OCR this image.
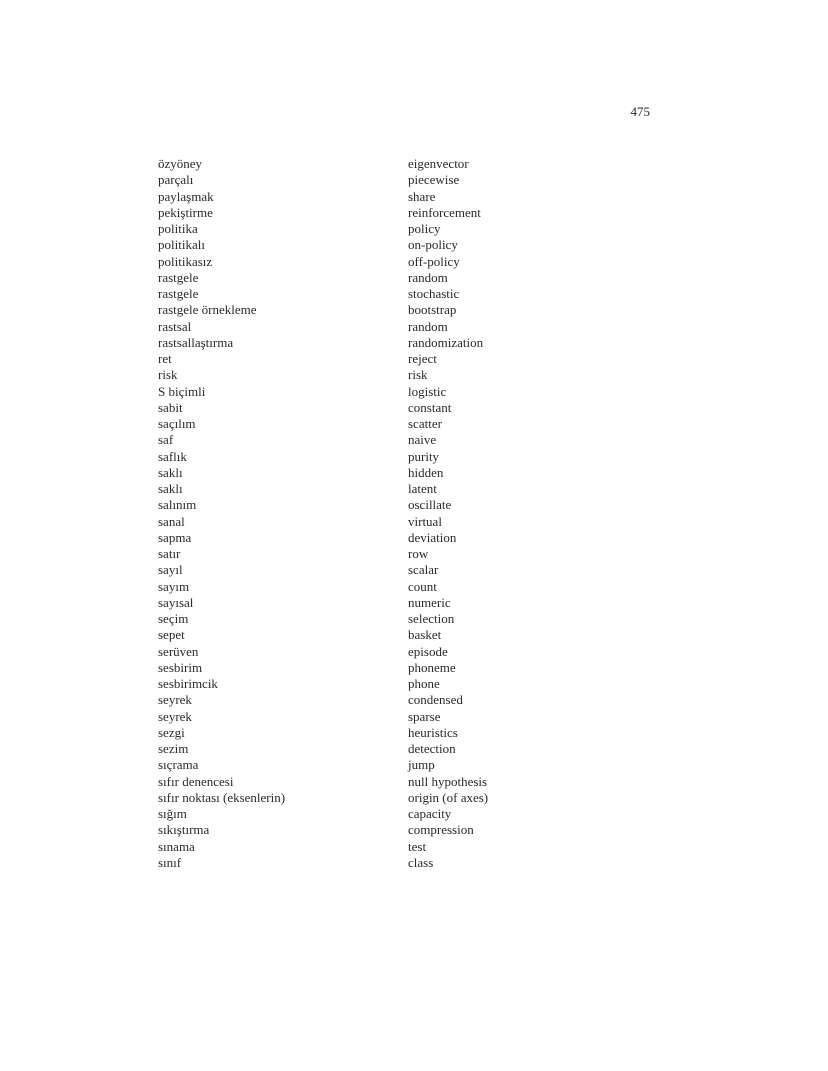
475
özyöney	eigenvector
parçalı	piecewise
paylaşmak	share
pekiştirme	reinforcement
politika	policy
politikalı	on-policy
politikasız	off-policy
rastgele	random
rastgele	stochastic
rastgele örnekleme	bootstrap
rastsal	random
rastsallaştırma	randomization
ret	reject
risk	risk
S biçimli	logistic
sabit	constant
saçılım	scatter
saf	naive
saflık	purity
saklı	hidden
saklı	latent
salınım	oscillate
sanal	virtual
sapma	deviation
satır	row
sayıl	scalar
sayım	count
sayısal	numeric
seçim	selection
sepet	basket
serüven	episode
sesbirim	phoneme
sesbirimcik	phone
seyrek	condensed
seyrek	sparse
sezgi	heuristics
sezim	detection
sıçrama	jump
sıfır denencesi	null hypothesis
sıfır noktası (eksenlerin)	origin (of axes)
sığım	capacity
sıkıştırma	compression
sınama	test
sınıf	class
